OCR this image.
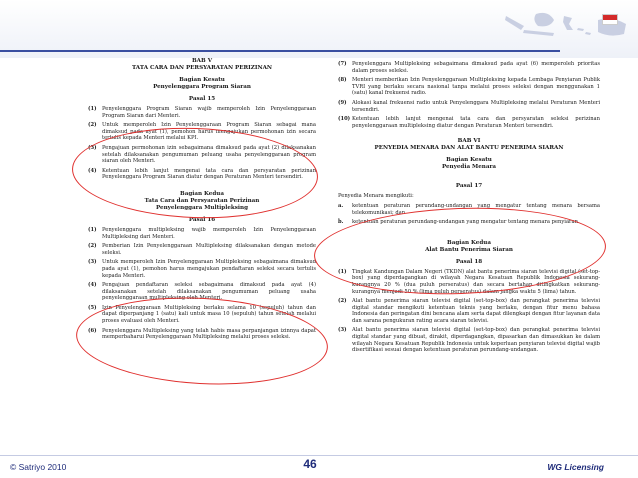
BAB V
TATA CARA DAN PERSYARATAN PERIZINAN
Bagian Kesatu
Penyelenggara Program Siaran
Pasal 15
(1)	Penyelenggara Program Siaran wajib memperoleh Izin Penyelenggaraan Program Siaran dari Menteri.
(2)	Untuk memperoleh Izin Penyelenggaraan Program Siaran sebagai mana dimaksud pada ayat (1), pemohon harus mengajukan permohonan izin secara tertulis kepada Menteri melalui KPI.
(3)	Pengajuan permohonan izin sebagaimana dimaksud pada ayat (2) dilaksanakan setelah dilaksanakan pengumuman peluang usaha penyelenggaraan program siaran oleh Menteri.
(4)	Ketentuan lebih lanjut mengenai tata cara dan persyaratan perizinan Penyelenggara Program Siaran diatur dengan Peraturan Menteri tersendiri.
Bagian Kedua
Tata Cara dan Persyaratan Perizinan
Penyelenggara Multipleksing
Pasal 16
(1)	Penyelenggara multipleksing wajib memperoleh Izin Penyelenggaraan Multipleksing dari Menteri.
(2)	Pemberian Izin Penyelenggaraan Multipleksing dilaksanakan dengan metode seleksi.
(3)	Untuk memperoleh Izin Penyelenggaraan Multipleksing sebagaimana dimaksud pada ayat (1), pemohon harus mengajukan pendaftaran seleksi secara tertulis kepada Menteri.
(4)	Pengajuan pendaftaran seleksi sebagaimana dimaksud pada ayat (4) dilaksanakan setelah dilaksanakan pengumuman peluang usaha penyelenggaraan multipleksing oleh Menteri.
(5)	Izin Penyelenggaraan Multipleksing berlaku selama 10 (sepuluh) tahun dan dapat diperpanjang 1 (satu) kali untuk masa 10 (sepuluh) tahun setelah melalui proses evaluasi oleh Menteri.
(6)	Penyelenggara Multipleksing yang telah habis masa perpanjangan izinnya dapat memperbaharui Penyelenggaraan Multipleksing melalui proses seleksi.
(7)	Penyelenggara Multipleksing sebagaimana dimaksud pada ayat (6) memperoleh prioritas dalam proses seleksi.
(8)	Menteri memberikan Izin Penyelenggaraan Multipleksing kepada Lembaga Penyiaran Publik TVRI yang berlaku secara nasional tanpa melalui proses seleksi dengan menggunakan 1 (satu) kanal frekuensi radio.
(9)	Alokasi kanal frekuensi radio untuk Penyelenggara Multipleksing melalui Peraturan Menteri tersendiri.
(10) Ketentuan lebih lanjut mengenai tata cara dan persyaratan seleksi perizinan penyelenggaraan multipleksing diatur dengan Peraturan Menteri tersendiri.
BAB VI
PENYEDIA MENARA DAN ALAT BANTU PENERIMA SIARAN
Bagian Kesatu
Penyedia Menara
Pasal 17
Penyedia Menara mengikuti:
a.	ketentuan peraturan perundang-undangan yang mengatur tentang menara bersama telekomunikasi; dan
b.	ketentuan peraturan perundang-undangan yang mengatur tentang menara penyiaran.
Bagian Kedua
Alat Bantu Penerima Siaran
Pasal 18
(1)	Tingkat Kandungan Dalam Negeri (TKDN) alat bantu penerima siaran televisi digital (set-top-box) yang diperdagangkan di wilayah Negara Kesatuan Republik Indonesia sekurang-kurangnya 20 % (dua puluh perseratus) dan secara bertahap ditingkatkan sekurang-kurangnya menjadi 50 % (lima puluh perseratus) dalam jangka waktu 5 (lima) tahun.
(2)	Alat bantu penerima siaran televisi digital (set-top-box) dan perangkat penerima televisi digital standar mengikuti ketentuan teknis yang berlaku, dengan fitur menu bahasa Indonesia dan peringatan dini bencana alam serta dapat dilengkapi dengan fitur layanan data dan sarana pengukuran rating acara siaran televisi.
(3)	Alat bantu penerima siaran televisi digital (set-top-box) dan perangkat penerima televisi digital standar yang dibuat, dirakit, diperdagangkan, dipasarkan dan dimasukkan ke dalam wilayah Negara Kesatuan Republik Indonesia untuk keperluan penyiaran televisi digital wajib disertifikasi sesuai dengan ketentuan peraturan perundang-undangan.
© Satriyo 2010	46	WG Licensing
